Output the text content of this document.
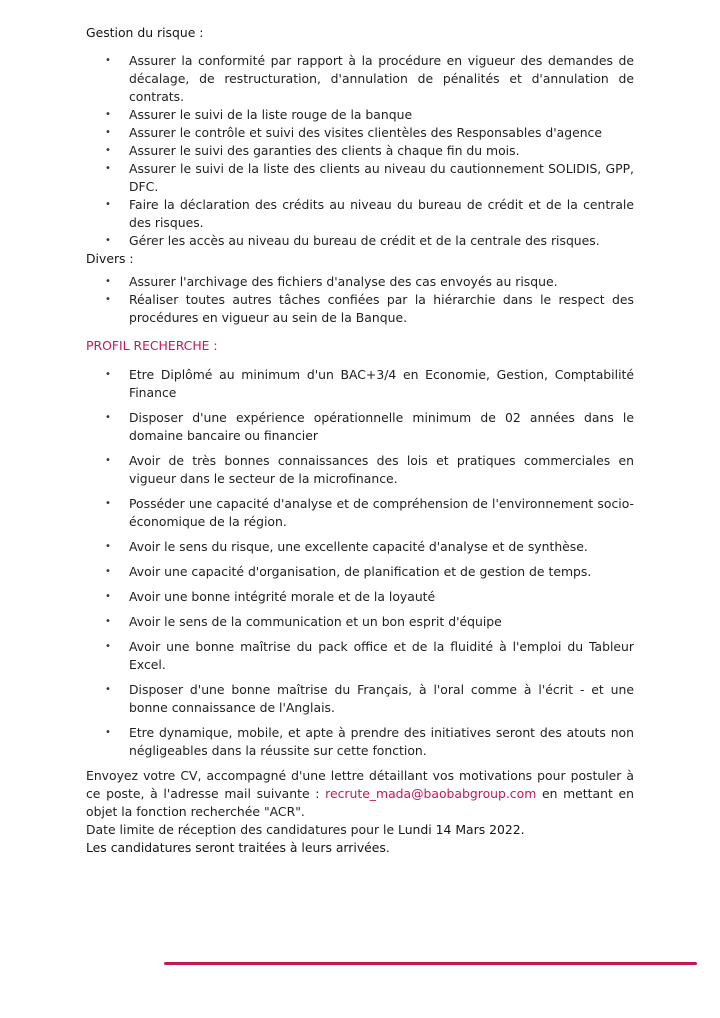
Gestion du risque :
• Assurer la conformité par rapport à la procédure en vigueur des demandes de décalage, de restructuration, d'annulation de pénalités et d'annulation de contrats.
• Assurer le suivi de la liste rouge de la banque
• Assurer le contrôle et suivi des visites clientèles des Responsables d'agence
• Assurer le suivi des garanties des clients à chaque fin du mois.
• Assurer le suivi de la liste des clients au niveau du cautionnement SOLIDIS, GPP, DFC.
• Faire la déclaration des crédits au niveau du bureau de crédit et de la centrale des risques.
• Gérer les accès au niveau du bureau de crédit et de la centrale des risques.
Divers :
• Assurer l'archivage des fichiers d'analyse des cas envoyés au risque.
• Réaliser toutes autres tâches confiées par la hiérarchie dans le respect des procédures en vigueur au sein de la Banque.
PROFIL RECHERCHE :
• Etre Diplômé au minimum d'un BAC+3/4 en Economie, Gestion, Comptabilité Finance
• Disposer d'une expérience opérationnelle minimum de 02 années dans le domaine bancaire ou financier
• Avoir de très bonnes connaissances des lois et pratiques commerciales en vigueur dans le secteur de la microfinance.
• Posséder une capacité d'analyse et de compréhension de l'environnement socio-économique de la région.
• Avoir le sens du risque, une excellente capacité d'analyse et de synthèse.
• Avoir une capacité d'organisation, de planification et de gestion de temps.
• Avoir une bonne intégrité morale et de la loyauté
• Avoir le sens de la communication et un bon esprit d'équipe
• Avoir une bonne maîtrise du pack office et de la fluidité à l'emploi du Tableur Excel.
• Disposer d'une bonne maîtrise du Français, à l'oral comme à l'écrit - et une bonne connaissance de l'Anglais.
• Etre dynamique, mobile, et apte à prendre des initiatives seront des atouts non négligeables dans la réussite sur cette fonction.

Envoyez votre CV, accompagné d'une lettre détaillant vos motivations pour postuler à ce poste, à l'adresse mail suivante : recrute_mada@baobabgroup.com en mettant en objet la fonction recherchée "ACR".

Date limite de réception des candidatures pour le Lundi 14 Mars 2022.

Les candidatures seront traitées à leurs arrivées.
